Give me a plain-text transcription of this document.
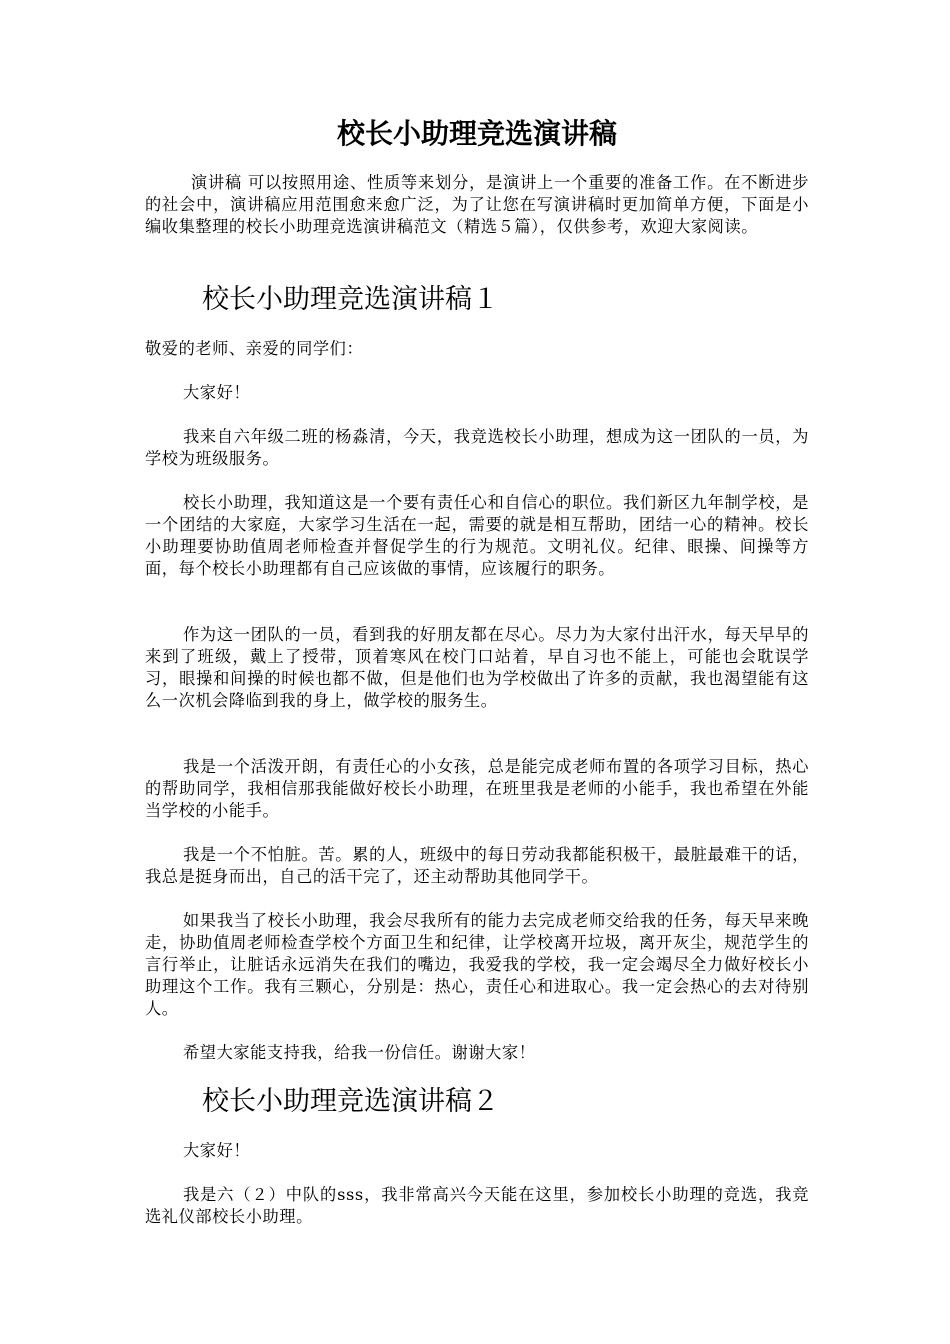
校长小助理竞选演讲稿

演讲稿 可以按照用途、性质等来划分，是演讲上一个重要的准备工作。在不断进步的社会中，演讲稿应用范围愈来愈广泛，为了让您在写演讲稿时更加简单方便，下面是小编收集整理的校长小助理竞选演讲稿范文（精选５篇），仅供参考，欢迎大家阅读。

校长小助理竞选演讲稿１

敬爱的老师、亲爱的同学们：

大家好！

我来自六年级二班的杨淼清，今天，我竞选校长小助理，想成为这一团队的一员，为学校为班级服务。

校长小助理，我知道这是一个要有责任心和自信心的职位。我们新区九年制学校，是一个团结的大家庭，大家学习生活在一起，需要的就是相互帮助，团结一心的精神。校长小助理要协助值周老师检查并督促学生的行为规范。文明礼仪。纪律、眼操、间操等方面，每个校长小助理都有自己应该做的事情，应该履行的职务。

作为这一团队的一员，看到我的好朋友都在尽心。尽力为大家付出汗水，每天早早的来到了班级，戴上了授带，顶着寒风在校门口站着，早自习也不能上，可能也会耽误学习，眼操和间操的时候也都不做，但是他们也为学校做出了许多的贡献，我也渴望能有这么一次机会降临到我的身上，做学校的服务生。

我是一个活泼开朗，有责任心的小女孩，总是能完成老师布置的各项学习目标，热心的帮助同学，我相信那我能做好校长小助理，在班里我是老师的小能手，我也希望在外能当学校的小能手。

我是一个不怕脏。苦。累的人，班级中的每日劳动我都能积极干，最脏最难干的话，我总是挺身而出，自己的活干完了，还主动帮助其他同学干。

如果我当了校长小助理，我会尽我所有的能力去完成老师交给我的任务，每天早来晚走，协助值周老师检查学校个方面卫生和纪律，让学校离开垃圾，离开灰尘，规范学生的言行举止，让脏话永远消失在我们的嘴边，我爱我的学校，我一定会竭尽全力做好校长小助理这个工作。我有三颗心，分别是：热心，责任心和进取心。我一定会热心的去对待别人。

希望大家能支持我，给我一份信任。谢谢大家！

校长小助理竞选演讲稿２

大家好！

我是六（２）中队的sss，我非常高兴今天能在这里，参加校长小助理的竞选，我竞选礼仪部校长小助理。
